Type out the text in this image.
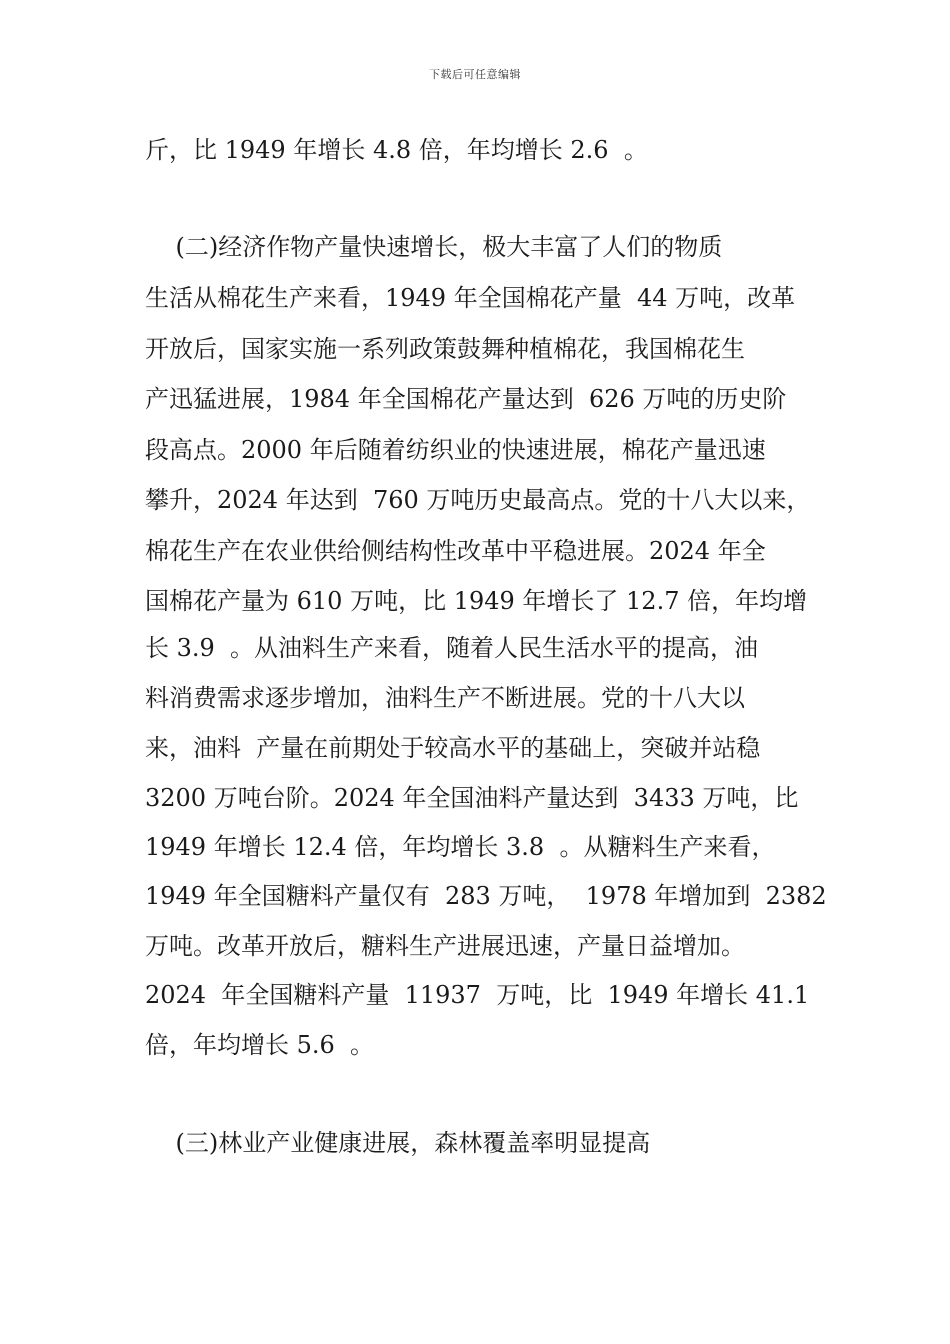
下载后可任意编辑
斤，比 1949 年增长 4.8 倍，年均增长 2.6  。
(二)经济作物产量快速增长，极大丰富了人们的物质
生活从棉花生产来看，1949 年全国棉花产量  44 万吨，改革
开放后，国家实施一系列政策鼓舞种植棉花，我国棉花生
产迅猛进展，1984 年全国棉花产量达到  626 万吨的历史阶
段高点。2000 年后随着纺织业的快速进展，棉花产量迅速
攀升，2024 年达到  760 万吨历史最高点。党的十八大以来，
棉花生产在农业供给侧结构性改革中平稳进展。2024 年全
国棉花产量为 610 万吨，比 1949 年增长了 12.7 倍，年均增
长 3.9  。从油料生产来看，随着人民生活水平的提高，油
料消费需求逐步增加，油料生产不断进展。党的十八大以
来，油料  产量在前期处于较高水平的基础上，突破并站稳
3200 万吨台阶。2024 年全国油料产量达到  3433 万吨，比
1949 年增长 12.4 倍，年均增长 3.8  。从糖料生产来看，
1949 年全国糖料产量仅有  283 万吨，  1978 年增加到  2382
万吨。改革开放后，糖料生产进展迅速，产量日益增加。
2024  年全国糖料产量  11937  万吨，比  1949 年增长 41.1
倍，年均增长 5.6  。
(三)林业产业健康进展，森林覆盖率明显提高
